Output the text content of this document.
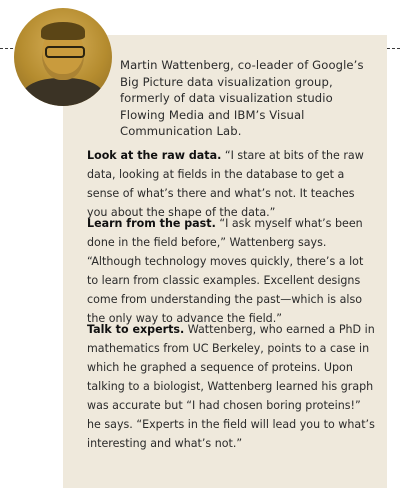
Martin Wattenberg, co-leader of Google’s Big Picture data visualization group, formerly of data visualization studio Flowing Media and IBM’s Visual Communication Lab.
Look at the raw data. “I stare at bits of the raw data, looking at fields in the database to get a sense of what’s there and what’s not. It teaches you about the shape of the data.”
Learn from the past. “I ask myself what’s been done in the field before,” Wattenberg says. “Although technology moves quickly, there’s a lot to learn from classic examples. Excellent designs come from understanding the past—which is also the only way to advance the field.”
Talk to experts. Wattenberg, who earned a PhD in mathematics from UC Berkeley, points to a case in which he graphed a sequence of proteins. Upon talking to a biologist, Wattenberg learned his graph was accurate but “I had chosen boring proteins!” he says. “Experts in the field will lead you to what’s interesting and what’s not.”
